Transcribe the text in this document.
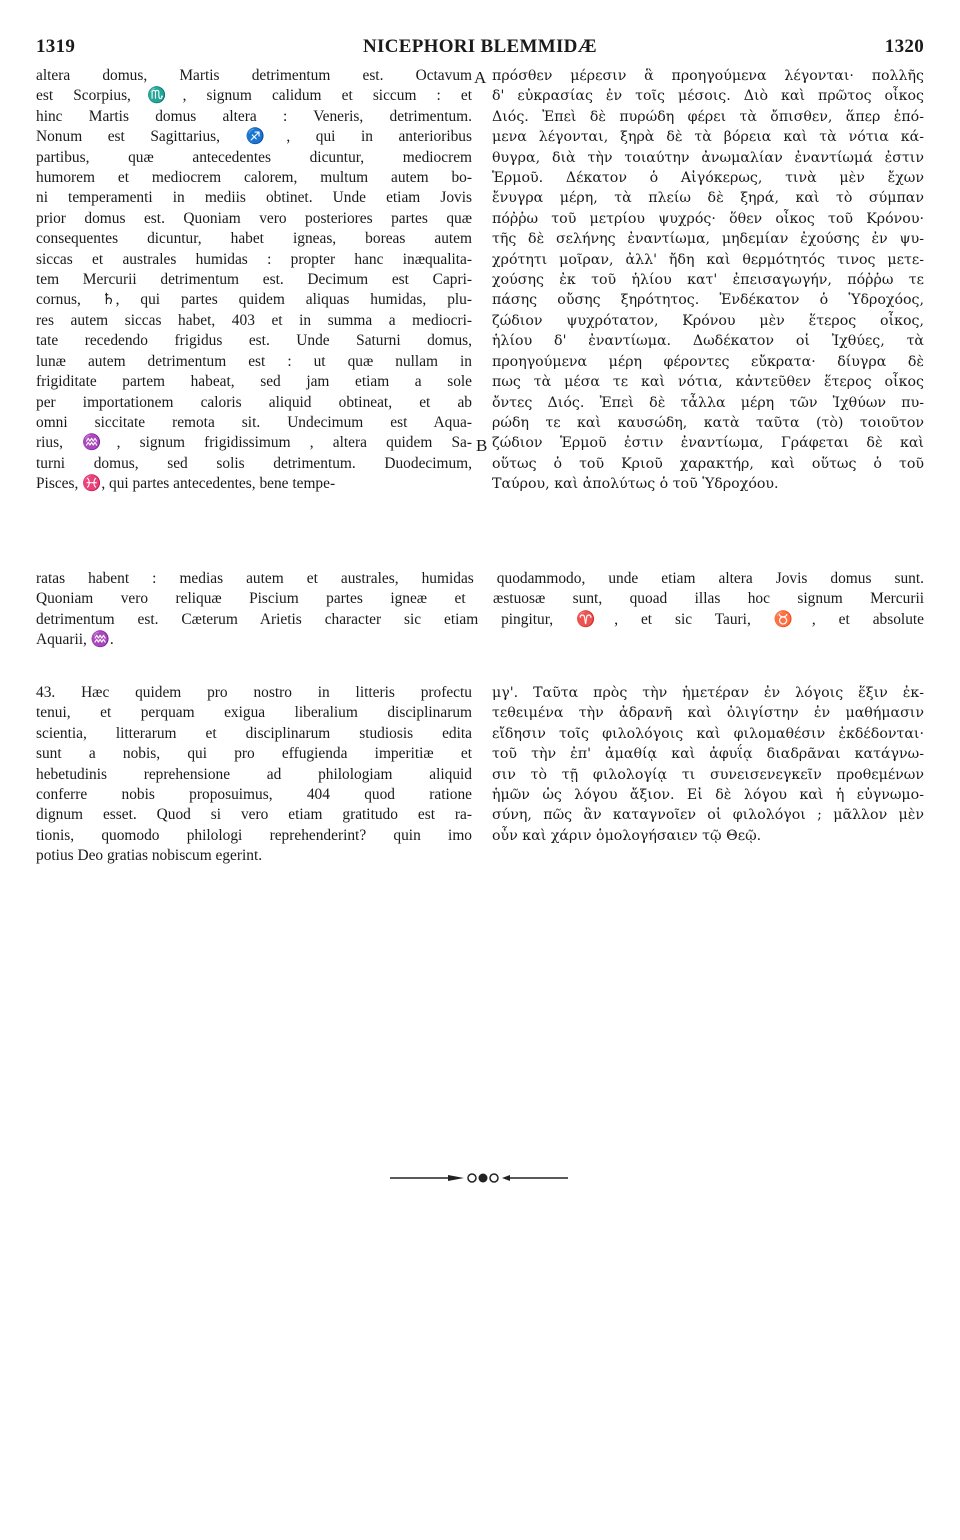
1319	NICEPHORI BLEMMIDÆ	1320
A
B
altera domus, Martis detrimentum est. Octavum
est Scorpius,♏, signum calidum et siccum : et
hinc Martis domus altera : Veneris, detrimentum.
Nonum est Sagittarius, ♐, qui in anterioribus
partibus, quæ antecedentes dicuntur, mediocrem
humorem et mediocrem calorem, multum autem bo-
ni temperamenti in mediis obtinet. Unde etiam Jovis
prior domus est. Quoniam vero posteriores partes quæ
consequentes dicuntur, habet igneas, boreas autem
siccas et australes humidas : propter hanc inæqualita-
tem Mercurii detrimentum est. Decimum est Capri-
cornus, ♄, qui partes quidem aliquas humidas, plu-
res autem siccas habet, 403 et in summa a mediocri-
tate recedendo frigidus est. Unde Saturni domus,
lunæ autem detrimentum est : ut quæ nullam in
frigiditate partem habeat, sed jam etiam a sole
per importationem caloris aliquid obtineat, et ab
omni siccitate remota sit. Undecimum est Aqua-
rius, ♒, signum frigidissimum , altera quidem Sa-
turni domus, sed solis detrimentum. Duodecimum,
Pisces, ♓, qui partes antecedentes, bene tempe-
πρόσθεν μέρεσιν ἃ προηγούμενα λέγονται· πολλῆς
δ' εὐκρασίας ἐν τοῖς μέσοις. Διὸ καὶ πρῶτος οἶκος
Διός. Ἐπεὶ δὲ πυρώδη φέρει τὰ ὄπισθεν, ἅπερ ἑπό-
μενα λέγονται, ξηρὰ δὲ τὰ βόρεια καὶ τὰ νότια κά-
θυγρα, διὰ τὴν τοιαύτην ἀνωμαλίαν ἐναντίωμά ἐστιν
Ἑρμοῦ. Δέκατον ὁ Αἰγόκερως, τινὰ μὲν ἔχων
ἔνυγρα μέρη, τὰ πλείω δὲ ξηρά, καὶ τὸ σύμπαν
πόῤῥω τοῦ μετρίου ψυχρός· ὅθεν οἶκος τοῦ Κρόνου·
τῆς δὲ σελήνης ἐναντίωμα, μηδεμίαν ἐχούσης ἐν ψυ-
χρότητι μοῖραν, ἀλλ' ἤδη καὶ θερμότητός τινος μετε-
χούσης ἐκ τοῦ ἡλίου κατ' ἐπεισαγωγήν, πόῤῥω τε
πάσης οὔσης ξηρότητος. Ἑνδέκατον ὁ Ὑδροχόος,
ζώδιον ψυχρότατον, Κρόνου μὲν ἕτερος οἶκος,
ἡλίου δ' ἐναντίωμα. Δωδέκατον οἱ Ἰχθύες, τὰ
προηγούμενα μέρη φέροντες εὔκρατα· δίυγρα δὲ
πως τὰ μέσα τε καὶ νότια, κἀντεῦθεν ἕτερος οἶκος
ὄντες Διός. Ἐπεὶ δὲ τἆλλα μέρη τῶν Ἰχθύων πυ-
ρώδη τε καὶ καυσώδη, κατὰ ταῦτα (τὸ) τοιοῦτον
ζώδιον Ἑρμοῦ ἐστιν ἐναντίωμα, Γράφεται δὲ καὶ
οὕτως ὁ τοῦ Κριοῦ χαρακτήρ, καὶ οὕτως ὁ τοῦ
Ταύρου, καὶ ἀπολύτως ὁ τοῦ Ὑδροχόου.
ratas habent : medias autem et australes, humidas quodammodo, unde etiam altera Jovis domus sunt.
Quoniam vero reliquæ Piscium partes igneæ et æstuosæ sunt, quoad illas hoc signum Mercurii
detrimentum est. Cæterum Arietis character sic etiam pingitur, ♈, et sic Tauri, ♉, et absolute
Aquarii, ♒.
43. Hæc quidem pro nostro in litteris profectu
tenui, et perquam exigua liberalium disciplinarum
scientia, litterarum et disciplinarum studiosis edita
sunt a nobis, qui pro effugienda imperitiæ et
hebetudinis reprehensione ad philologiam aliquid
conferre nobis proposuimus, 404 quod ratione
dignum esset. Quod si vero etiam gratitudo est ra-
tionis, quomodo philologi reprehenderint? quin imo
potius Deo gratias nobiscum egerint.
μγ'. Ταῦτα πρὸς τὴν ἡμετέραν ἐν λόγοις ἕξιν ἐκ-
τεθειμένα τὴν ἀδρανῆ καὶ ὀλιγίστην ἐν μαθήμασιν
εἴδησιν τοῖς φιλολόγοις καὶ φιλομαθέσιν ἐκδέδονται·
τοῦ τὴν ἐπ' ἀμαθίᾳ καὶ ἀφυΐᾳ διαδρᾶναι κατάγνω-
σιν τὸ τῇ φιλολογίᾳ τι συνεισενεγκεῖν προθεμένων
ἡμῶν ὡς λόγου ἄξιον. Εἰ δὲ λόγου καὶ ἡ εὐγνωμο-
σύνη, πῶς ἂν καταγνοῖεν οἱ φιλολόγοι ; μᾶλλον μὲν
οὖν καὶ χάριν ὁμολογήσαιεν τῷ Θεῷ.
